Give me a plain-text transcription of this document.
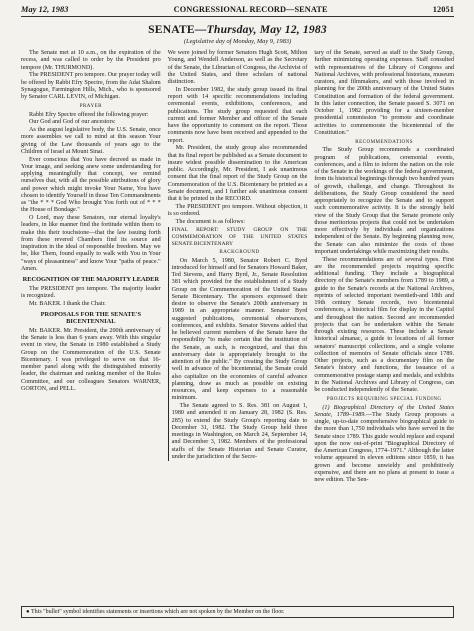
May 12, 1983	CONGRESSIONAL RECORD—SENATE	12051
SENATE—Thursday, May 12, 1983
(Legislative day of Monday, May 9, 1983)

The Senate met at 10 a.m., on the expiration of the recess, and was called to order by the President pro tempore (Mr. THURMOND).

The PRESIDENT pro tempore. Our prayer today will be offered by Rabbi Efry Spectre, from the Adat Shalom Synagogue, Farmington Hills, Mich., who is sponsored by Senator CARL LEVIN, of Michigan.

PRAYER

Rabbi Efry Spectre offered the following prayer:

Our God and God of our ancestors:

As the august legislative body, the U.S. Senate, once more assembles we call to mind at this season Your giving of the Law thousands of years ago to the Children of Israel at Mount Sinai.

Ever conscious that You have decreed us made in Your image, and seeking anew some understanding for applying meaningfully that concept, we remind ourselves that, with all the possible attributions of glory and power which might invoke Your Name, You have chosen to identify Yourself in those Ten Commandments as "the * * * God Who brought You forth out of * * * the House of Bondage."

O Lord, may these Senators, our eternal loyalty's leaders, in like manner find the fortitude within them to make this their touchstone—that the law issuing forth from these revered Chambers find its source and inspiration in the ideal of responsible freedom. May we be, like Them, found equally to walk with You in Your "ways of pleasantness" and know Your "paths of peace." Amen.

RECOGNITION OF THE MAJORITY LEADER

The PRESIDENT pro tempore. The majority leader is recognized.

Mr. BAKER. I thank the Chair.

PROPOSALS FOR THE SENATE'S BICENTENNIAL

Mr. BAKER. Mr. President, the 200th anniversary of the Senate is less than 6 years away. With this singular event in view, the Senate in 1980 established a Study Group on the Commemoration of the U.S. Senate Bicentenary. I was privileged to serve on that 16-member panel along with the distinguished minority leader, the chairman and ranking member of the Rules Committee, and our colleagues Senators WARNER, GORTON, and PELL.

We were joined by former Senators Hugh Scott, Milton Young, and Wendell Anderson, as well as the Secretary of the Senate, the Librarian of Congress, the Archivist of the United States, and three scholars of national distinction.

In December 1982, the study group issued its final report with 14 specific recommendations including ceremonial events, exhibitions, conferences, and publications. The study group requested that each current and former Member and officer of the Senate have the opportunity to comment on the report. Those comments now have been received and appended to the report.

Mr. President, the study group also recommended that its final report be published as a Senate document to insure widest possible dissemination to the American public. Accordingly, Mr. President, I ask unanimous consent that the final report of the Study Group on the Commemoration of the U.S. Bicentenary be printed as a Senate document, and I further ask unanimous consent that it be printed in the RECORD.

The PRESIDENT pro tempore. Without objection, it is so ordered.

The document is as follows:

FINAL REPORT: STUDY GROUP ON THE COMMEMORATION OF THE UNITED STATES SENATE BICENTENARY

BACKGROUND

On March 5, 1980, Senator Robert C. Byrd introduced for himself and for Senators Howard Baker, Ted Stevens, and Harry Byrd, Jr., Senate Resolution 381 which provided for the establishment of a Study Group on the Commemoration of the United States Senate Bicentenary. The sponsors expressed their desire to observe the Senate's 200th anniversary in 1989 in an appropriate manner. Senator Byrd suggested publications, ceremonial observances, conferences, and exhibits. Senator Stevens added that he believed current members of the Senate have the responsibility "to make certain that the institution of the Senate, as such, is recognized, and that this anniversary date is appropriately brought to the attention of the public." By creating the Study Group well in advance of the bicentennial, the Senate could also capitalize on the economies of careful advance planning, draw as much as possible on existing resources, and keep expenses to a reasonable minimum.

The Senate agreed to S. Res. 381 on August 1, 1980 and amended it on January 28, 1982 (S. Res. 285) to extend the Study Group's reporting date to December 31, 1982. The Study Group held three meetings in Washington, on March 24, September 14, and December 3, 1982. Members of the professional staffs of the Senate Historian and Senate Curator, under the jurisdiction of the Secre-

tary of the Senate, served as staff to the Study Group, further minimizing operating expenses. Staff consulted with representatives of the Library of Congress and National Archives, with professional historians, museum curators, and filmmakers, and with those involved in planning for the 200th anniversary of the United States Constitution and formation of the federal government. In this latter connection, the Senate passed S. 3071 on October 1, 1982 providing for a sixteen-member presidential commission "to promote and coordinate activities to commemorate the bicentennial of the Constitution."

RECOMMENDATIONS

The Study Group recommends a coordinated program of publications, ceremonial events, conferences, and a film to inform the nation on the role of the Senate in the workings of the federal government, from its historical beginnings through two hundred years of growth, challenge, and change. Throughout its deliberations, the Study Group considered the need appropriately to recognize the Senate and to support such commemorative activity. It is the strongly held view of the Study Group that the Senate promote only those meritorious projects that could not be undertaken more effectively by individuals and organizations independent of the Senate. By beginning planning now, the Senate can also minimize the costs of those important undertakings while maximizing their results.

These recommendations are of several types. First are the recommended projects requiring specific additional funding. They include a biographical directory of the Senate's members from 1789 to 1989, a guide to the Senate's records at the National Archives, reprints of selected important twentieth-and 18th and 19th century Senate records, two bicentennial conferences, a historical film for display in the Capitol and throughout the nation. Second are recommended projects that can be undertaken within the Senate through existing resources. These include a Senate historical almanac, a guide to locations of all former senators' manuscript collections, and a single volume collection of memoirs of Senate officials since 1789. Other projects, such as a documentary film on the Senate's history and functions, the issuance of a commemorative postage stamp and medals, and exhibits in the National Archives and Library of Congress, can be conducted independently of the Senate.

PROJECTS REQUIRING SPECIAL FUNDING

(1) Biographical Directory of the United States Senate, 1789–1989.—The Study Group proposes a single, up-to-date comprehensive biographical guide to the more than 1,750 individuals who have served in the Senate since 1789. This guide would replace and expand upon the now out-of-print "Biographical Directory of the American Congress, 1774–1971." Although the latter volume appeared in eleven editions since 1859, it has grown and become unwieldy and prohibitively expensive, and there are no plans at present to issue a new edition. The Sen-

● This "bullet" symbol identifies statements or insertions which are not spoken by the Member on the floor.
